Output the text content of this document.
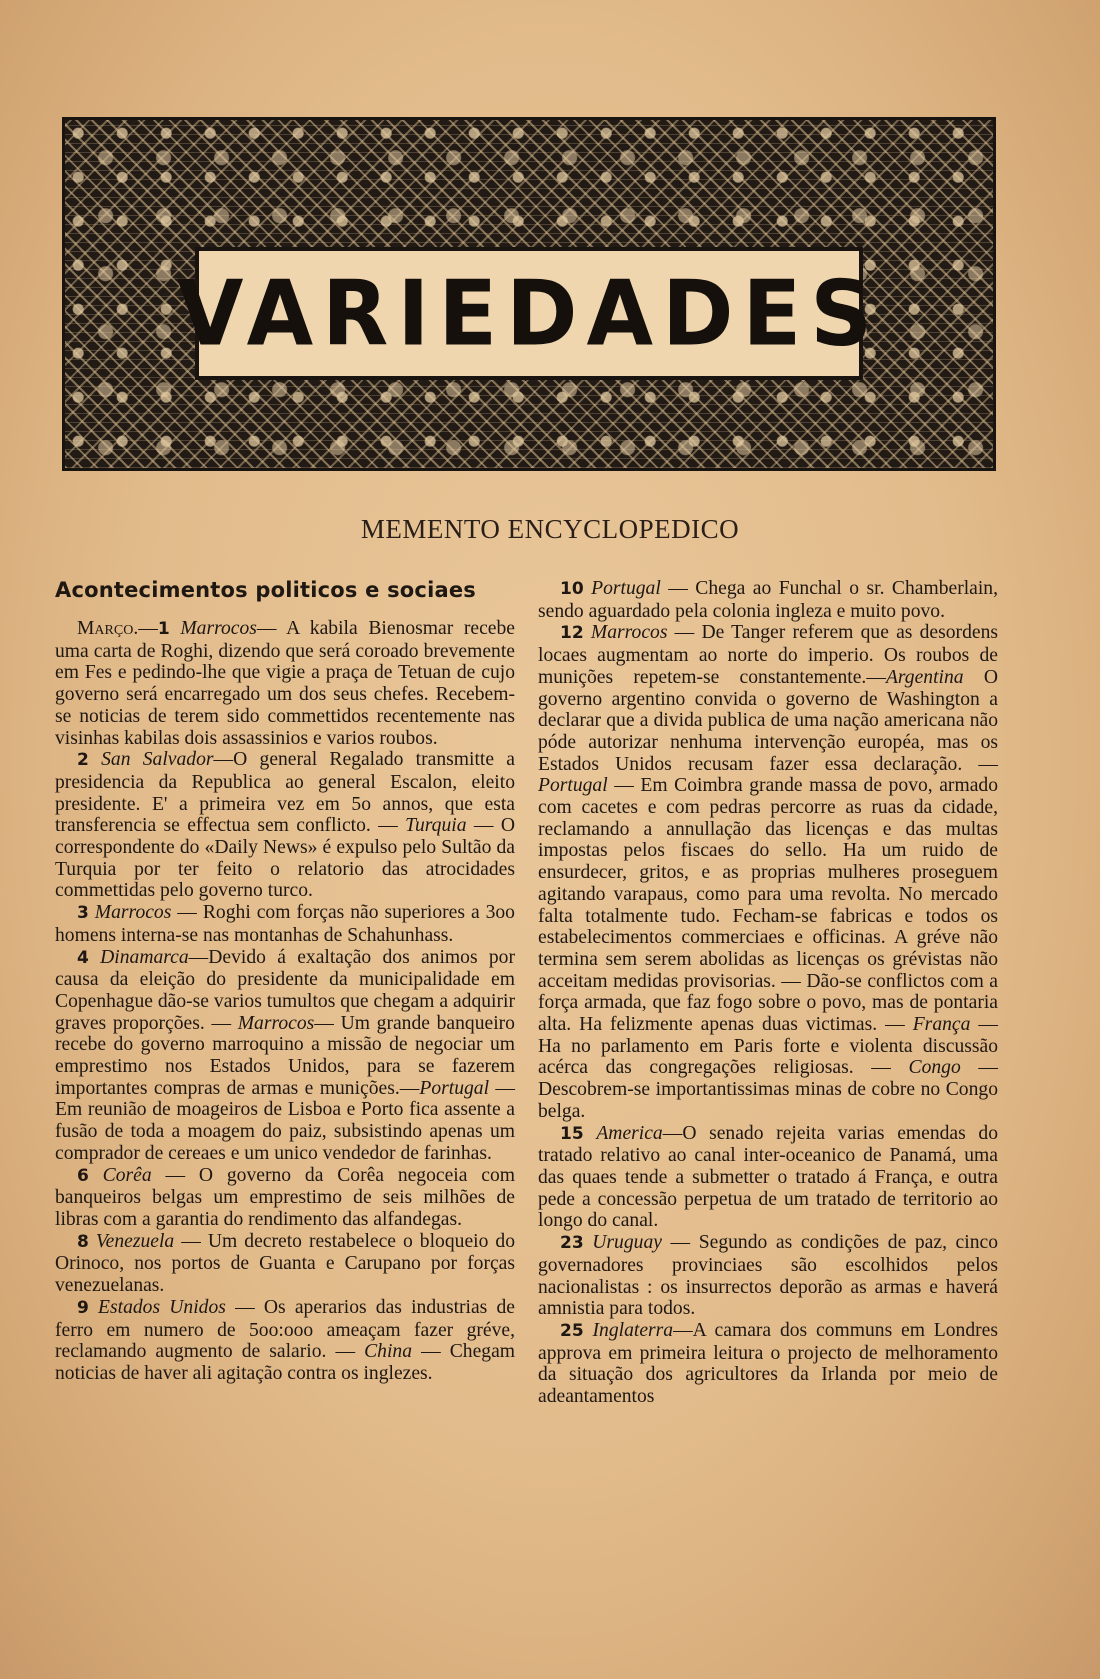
VARIEDADES
MEMENTO ENCYCLOPEDICO
Acontecimentos politicos e sociaes

Março.—1 Marrocos— A kabila Bienosmar recebe uma carta de Roghi, dizendo que será coroado brevemente em Fes e pedindo-lhe que vigie a praça de Tetuan de cujo governo será encarregado um dos seus chefes. Recebem-se noticias de terem sido commettidos recentemente nas visinhas kabilas dois assassinios e varios roubos.

2 San Salvador—O general Regalado transmitte a presidencia da Republica ao general Escalon, eleito presidente. E' a primeira vez em 5o annos, que esta transferencia se effectua sem conflicto. — Turquia — O correspondente do «Daily News» é expulso pelo Sultão da Turquia por ter feito o relatorio das atrocidades commettidas pelo governo turco.

3 Marrocos — Roghi com forças não superiores a 3oo homens interna-se nas montanhas de Schahunhass.

4 Dinamarca—Devido á exaltação dos animos por causa da eleição do presidente da municipalidade em Copenhague dão-se varios tumultos que chegam a adquirir graves proporções. — Marrocos— Um grande banqueiro recebe do governo marroquino a missão de negociar um emprestimo nos Estados Unidos, para se fazerem importantes compras de armas e munições.—Portugal — Em reunião de moageiros de Lisboa e Porto fica assente a fusão de toda a moagem do paiz, subsistindo apenas um comprador de cereaes e um unico vendedor de farinhas.

6 Corêa — O governo da Corêa negoceia com banqueiros belgas um emprestimo de seis milhões de libras com a garantia do rendimento das alfandegas.

8 Venezuela — Um decreto restabelece o bloqueio do Orinoco, nos portos de Guanta e Carupano por forças venezuelanas.

9 Estados Unidos — Os aperarios das industrias de ferro em numero de 5oo:ooo ameaçam fazer gréve, reclamando augmento de salario. — China — Chegam noticias de haver ali agitação contra os inglezes.

10 Portugal — Chega ao Funchal o sr. Chamberlain, sendo aguardado pela colonia ingleza e muito povo.

12 Marrocos — De Tanger referem que as desordens locaes augmentam ao norte do imperio. Os roubos de munições repetem-se constantemente.—Argentina O governo argentino convida o governo de Washington a declarar que a divida publica de uma nação americana não póde autorizar nenhuma intervenção européa, mas os Estados Unidos recusam fazer essa declaração. — Portugal — Em Coimbra grande massa de povo, armado com cacetes e com pedras percorre as ruas da cidade, reclamando a annullação das licenças e das multas impostas pelos fiscaes do sello. Ha um ruido de ensurdecer, gritos, e as proprias mulheres proseguem agitando varapaus, como para uma revolta. No mercado falta totalmente tudo. Fecham-se fabricas e todos os estabelecimentos commerciaes e officinas. A gréve não termina sem serem abolidas as licenças os grévistas não acceitam medidas provisorias. — Dão-se conflictos com a força armada, que faz fogo sobre o povo, mas de pontaria alta. Ha felizmente apenas duas victimas. — França — Ha no parlamento em Paris forte e violenta discussão acérca das congregações religiosas. — Congo — Descobrem-se importantissimas minas de cobre no Congo belga.

15 America—O senado rejeita varias emendas do tratado relativo ao canal inter-oceanico de Panamá, uma das quaes tende a submetter o tratado á França, e outra pede a concessão perpetua de um tratado de territorio ao longo do canal.

23 Uruguay — Segundo as condições de paz, cinco governadores provinciaes são escolhidos pelos nacionalistas : os insurrectos deporão as armas e haverá amnistia para todos.

25 Inglaterra—A camara dos communs em Londres approva em primeira leitura o projecto de melhoramento da situação dos agricultores da Irlanda por meio de adeantamentos
